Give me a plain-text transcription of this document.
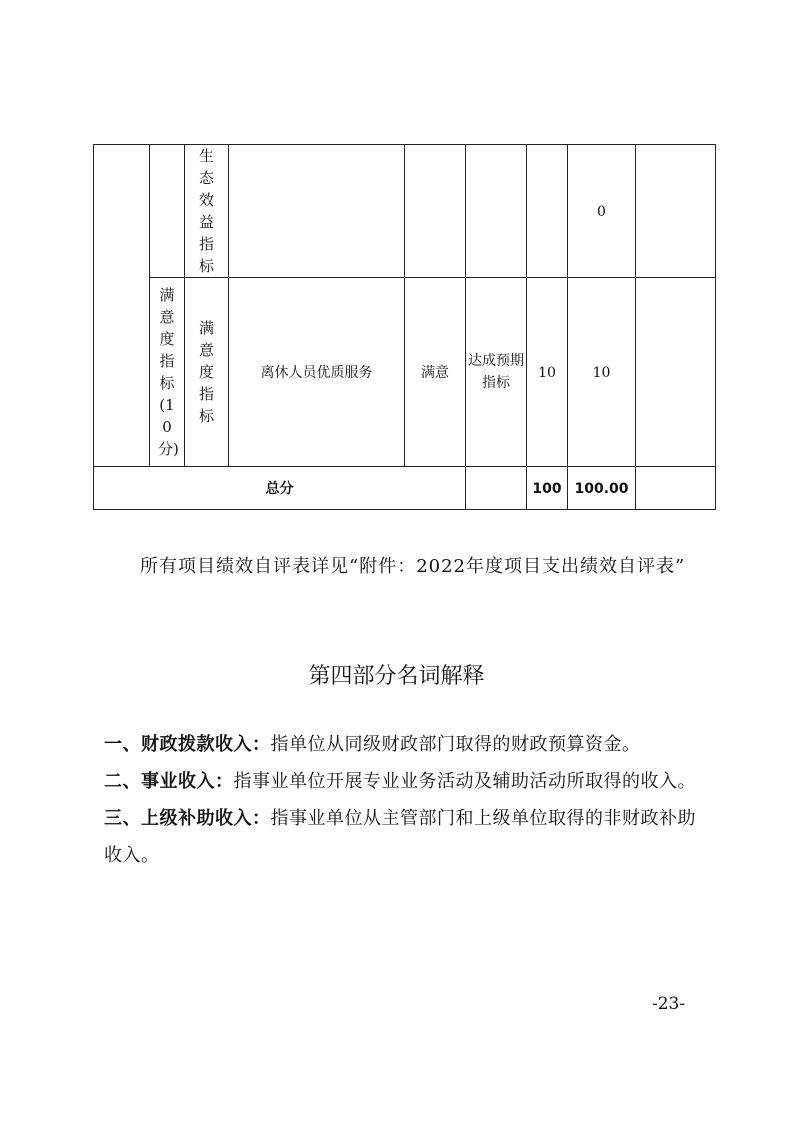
		生态效益指标					0	
	满意度指标(10分)	满意度指标	离休人员优质服务	满意	达成预期指标	10	10	
总分						100	100.00	

所有项目绩效自评表详见“附件：2022年度项目支出绩效自评表”

第四部分名词解释

一、财政拨款收入：指单位从同级财政部门取得的财政预算资金。

二、事业收入：指事业单位开展专业业务活动及辅助活动所取得的收入。

三、上级补助收入：指事业单位从主管部门和上级单位取得的非财政补助收入。

-23-
